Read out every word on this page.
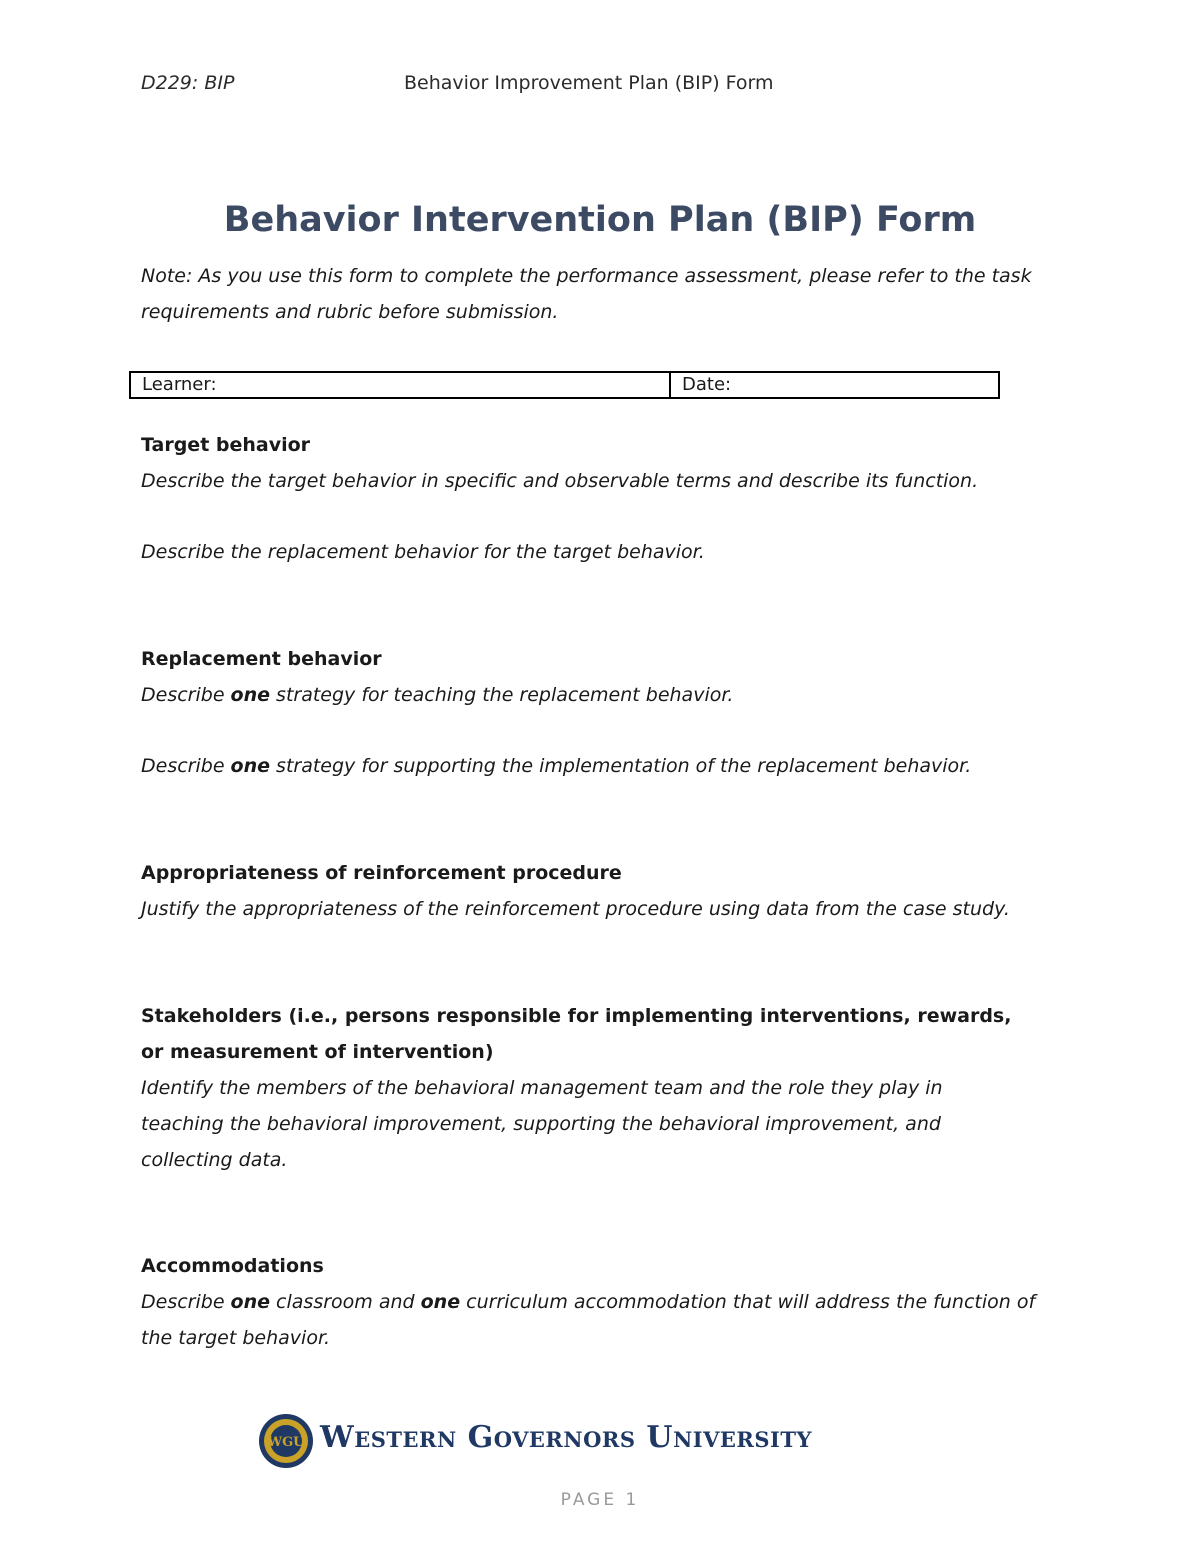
D229: BIP	Behavior Improvement Plan (BIP) Form
Behavior Intervention Plan (BIP) Form
Note: As you use this form to complete the performance assessment, please refer to the task requirements and rubric before submission.
Learner:	Date:
Target behavior
Describe the target behavior in specific and observable terms and describe its function.
Describe the replacement behavior for the target behavior.
Replacement behavior
Describe one strategy for teaching the replacement behavior.
Describe one strategy for supporting the implementation of the replacement behavior.
Appropriateness of reinforcement procedure
Justify the appropriateness of the reinforcement procedure using data from the case study.
Stakeholders (i.e., persons responsible for implementing interventions, rewards,
or measurement of intervention)
Identify the members of the behavioral management team and the role they play in teaching the behavioral improvement, supporting the behavioral improvement, and collecting data.
Accommodations
Describe one classroom and one curriculum accommodation that will address the function of the target behavior.
WGU Western Governors University
PAGE 1
